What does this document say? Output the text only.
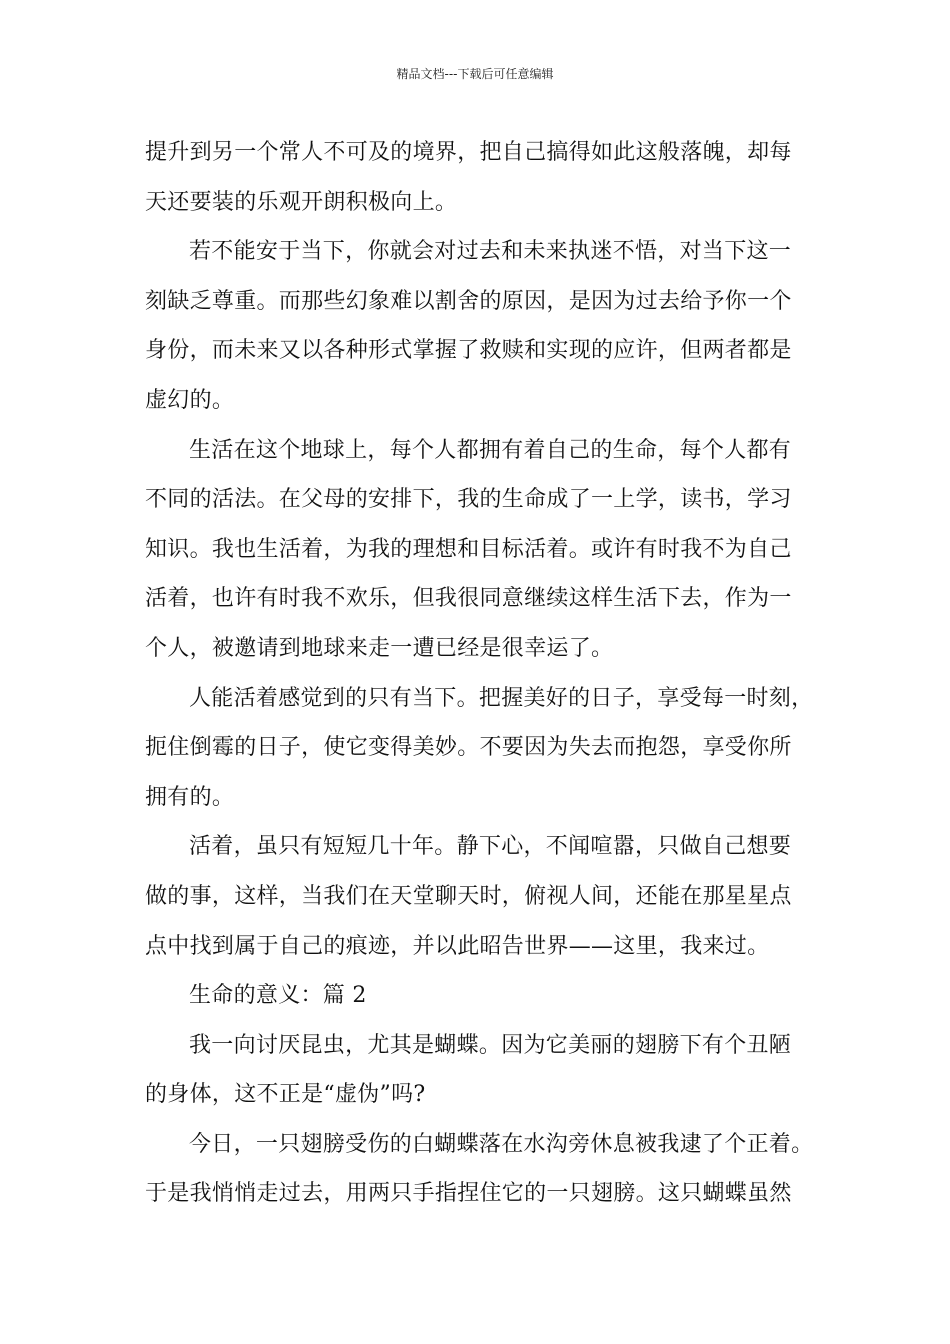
精品文档---下载后可任意编辑

提升到另一个常人不可及的境界，把自己搞得如此这般落魄，却每
天还要装的乐观开朗积极向上。

若不能安于当下，你就会对过去和未来执迷不悟，对当下这一
刻缺乏尊重。而那些幻象难以割舍的原因，是因为过去给予你一个
身份，而未来又以各种形式掌握了救赎和实现的应许，但两者都是
虚幻的。

生活在这个地球上，每个人都拥有着自己的生命，每个人都有
不同的活法。在父母的安排下，我的生命成了一上学，读书，学习
知识。我也生活着，为我的理想和目标活着。或许有时我不为自己
活着，也许有时我不欢乐，但我很同意继续这样生活下去，作为一
个人，被邀请到地球来走一遭已经是很幸运了。

人能活着感觉到的只有当下。把握美好的日子，享受每一时刻，
扼住倒霉的日子，使它变得美妙。不要因为失去而抱怨，享受你所
拥有的。

活着，虽只有短短几十年。静下心，不闻喧嚣，只做自己想要
做的事，这样，当我们在天堂聊天时，俯视人间，还能在那星星点
点中找到属于自己的痕迹，并以此昭告世界——这里，我来过。

生命的意义：篇 2

我一向讨厌昆虫，尤其是蝴蝶。因为它美丽的翅膀下有个丑陋
的身体，这不正是“虚伪”吗?

今日，一只翅膀受伤的白蝴蝶落在水沟旁休息被我逮了个正着。
于是我悄悄走过去，用两只手指捏住它的一只翅膀。这只蝴蝶虽然
